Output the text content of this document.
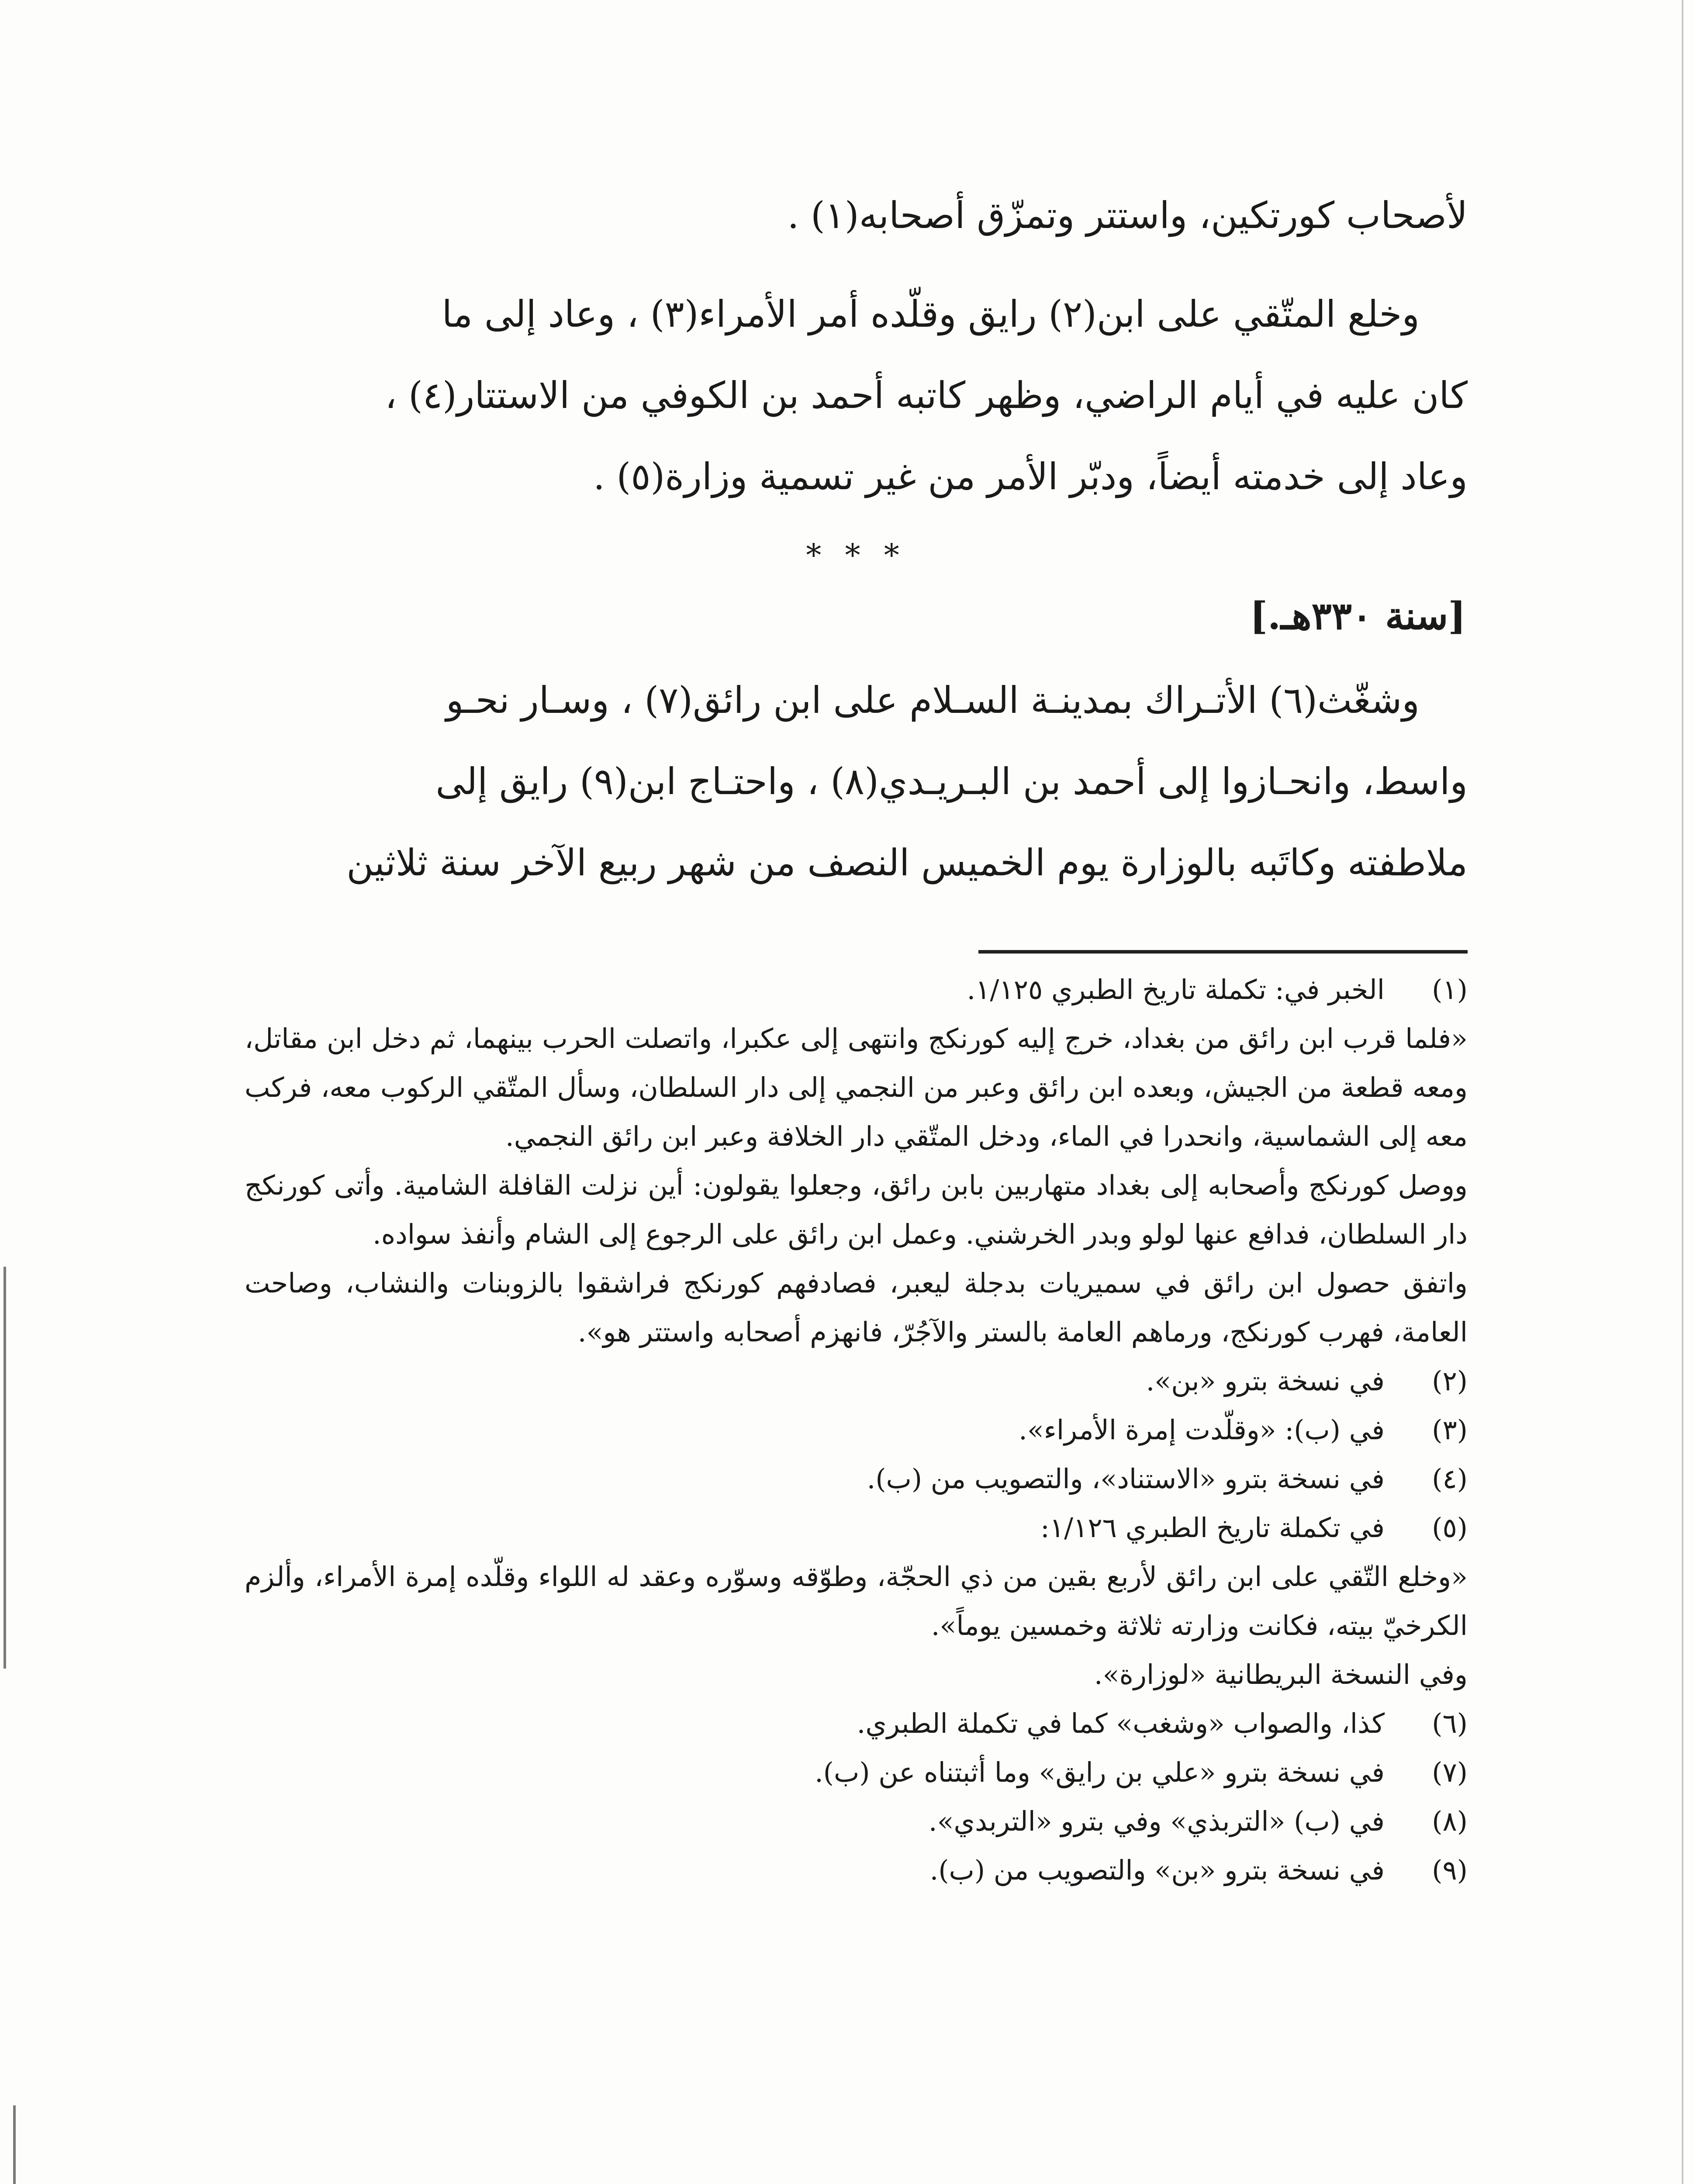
لأصحاب كورتكين، واستتر وتمزّق أصحابه(١) .
وخلع المتّقي على ابن(٢) رايق وقلّده أمر الأمراء(٣) ، وعاد إلى ما
كان عليه في أيام الراضي، وظهر كاتبه أحمد بن الكوفي من الاستتار(٤) ،
وعاد إلى خدمته أيضاً، ودبّر الأمر من غير تسمية وزارة(٥) .
* * *
[سنة ٣٣٠هـ.]
وشغّث(٦) الأتـراك بمدينـة السـلام على ابن رائق(٧) ، وسـار نحـو
واسط، وانحـازوا إلى أحمد بن البـريـدي(٨) ، واحتـاج ابن(٩) رايق إلى
ملاطفته وكاتَبه بالوزارة يوم الخميس النصف من شهر ربيع الآخر سنة ثلاثين
(١)
الخبر في: تكملة تاريخ الطبري ١/١٢٥.

«فلما قرب ابن رائق من بغداد، خرج إليه كورنكج وانتهى إلى عكبرا، واتصلت الحرب بينهما، ثم دخل ابن مقاتل، ومعه قطعة من الجيش، وبعده ابن رائق وعبر من النجمي إلى دار السلطان، وسأل المتّقي الركوب معه، فركب معه إلى الشماسية، وانحدرا في الماء، ودخل المتّقي دار الخلافة وعبر ابن رائق النجمي.

ووصل كورنكج وأصحابه إلى بغداد متهاربين بابن رائق، وجعلوا يقولون: أين نزلت القافلة الشامية. وأتى كورنكج دار السلطان، فدافع عنها لولو وبدر الخرشني. وعمل ابن رائق على الرجوع إلى الشام وأنفذ سواده.

واتفق حصول ابن رائق في سميريات بدجلة ليعبر، فصادفهم كورنكج فراشقوا بالزوبنات والنشاب، وصاحت العامة، فهرب كورنكج، ورماهم العامة بالستر والآجُرّ، فانهزم أصحابه واستتر هو».

(٢)
في نسخة بترو «بن».
(٣)
في (ب): «وقلّدت إمرة الأمراء».
(٤)
في نسخة بترو «الاستناد»، والتصويب من (ب).
(٥)
في تكملة تاريخ الطبري ١/١٢٦:

«وخلع التّقي على ابن رائق لأربع بقين من ذي الحجّة، وطوّقه وسوّره وعقد له اللواء وقلّده إمرة الأمراء، وألزم الكرخيّ بيته، فكانت وزارته ثلاثة وخمسين يوماً».

وفي النسخة البريطانية «لوزارة».

(٦)
كذا، والصواب «وشغب» كما في تكملة الطبري.
(٧)
في نسخة بترو «علي بن رايق» وما أثبتناه عن (ب).
(٨)
في (ب) «التربذي» وفي بترو «التربدي».
(٩)
في نسخة بترو «بن» والتصويب من (ب).
